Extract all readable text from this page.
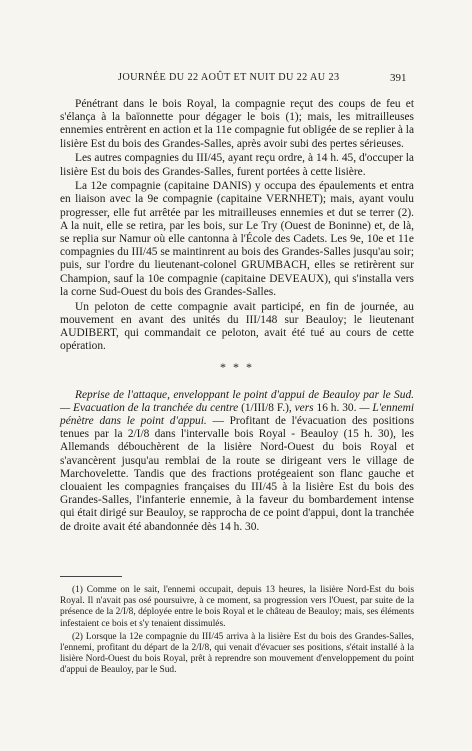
JOURNÉE DU 22 AOÛT ET NUIT DU 22 AU 23	391

Pénétrant dans le bois Royal, la compagnie reçut des coups de feu et s'élança à la baïonnette pour dégager le bois (1); mais, les mitrailleuses ennemies entrèrent en action et la 11e compagnie fut obligée de se replier à la lisière Est du bois des Grandes-Salles, après avoir subi des pertes sérieuses.

Les autres compagnies du III/45, ayant reçu ordre, à 14 h. 45, d'occuper la lisière Est du bois des Grandes-Salles, furent portées à cette lisière.

La 12e compagnie (capitaine DANIS) y occupa des épaulements et entra en liaison avec la 9e compagnie (capitaine VERNHET); mais, ayant voulu progresser, elle fut arrêtée par les mitrailleuses ennemies et dut se terrer (2). A la nuit, elle se retira, par les bois, sur Le Try (Ouest de Boninne) et, de là, se replia sur Namur où elle cantonna à l'École des Cadets. Les 9e, 10e et 11e compagnies du III/45 se maintinrent au bois des Grandes-Salles jusqu'au soir; puis, sur l'ordre du lieutenant-colonel GRUMBACH, elles se retirèrent sur Champion, sauf la 10e compagnie (capitaine DEVEAUX), qui s'installa vers la corne Sud-Ouest du bois des Grandes-Salles.

Un peloton de cette compagnie avait participé, en fin de journée, au mouvement en avant des unités du III/148 sur Beauloy; le lieutenant AUDIBERT, qui commandait ce peloton, avait été tué au cours de cette opération.

* * *

Reprise de l'attaque, enveloppant le point d'appui de Beauloy par le Sud. — Evacuation de la tranchée du centre (1/III/8 F.), vers 16 h. 30. — L'ennemi pénètre dans le point d'appui. — Profitant de l'évacuation des positions tenues par la 2/I/8 dans l'intervalle bois Royal - Beauloy (15 h. 30), les Allemands débouchèrent de la lisière Nord-Ouest du bois Royal et s'avancèrent jusqu'au remblai de la route se dirigeant vers le village de Marchovelette. Tandis que des fractions protégeaient son flanc gauche et clouaient les compagnies françaises du III/45 à la lisière Est du bois des Grandes-Salles, l'infanterie ennemie, à la faveur du bombardement intense qui était dirigé sur Beauloy, se rapprocha de ce point d'appui, dont la tranchée de droite avait été abandonnée dès 14 h. 30.

(1) Comme on le sait, l'ennemi occupait, depuis 13 heures, la lisière Nord-Est du bois Royal. Il n'avait pas osé poursuivre, à ce moment, sa progression vers l'Ouest, par suite de la présence de la 2/I/8, déployée entre le bois Royal et le château de Beauloy; mais, ses éléments infestaient ce bois et s'y tenaient dissimulés.

(2) Lorsque la 12e compagnie du III/45 arriva à la lisière Est du bois des Grandes-Salles, l'ennemi, profitant du départ de la 2/I/8, qui venait d'évacuer ses positions, s'était installé à la lisière Nord-Ouest du bois Royal, prêt à reprendre son mouvement d'enveloppement du point d'appui de Beauloy, par le Sud.
